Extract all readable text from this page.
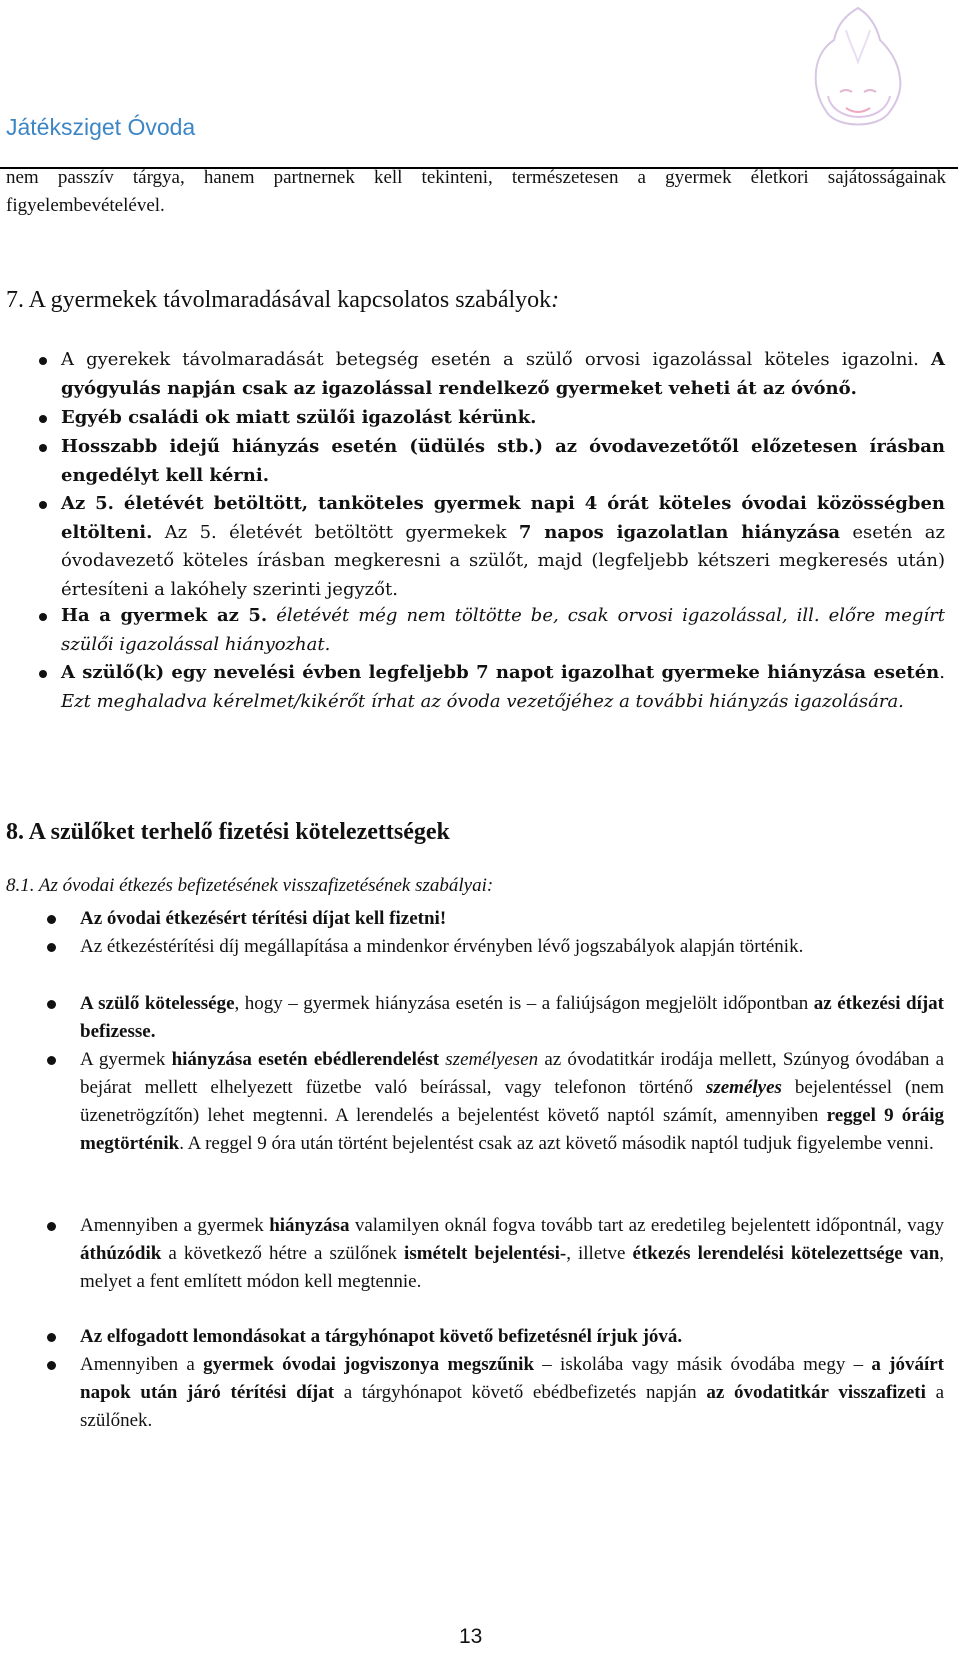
Játéksziget Óvoda
nem passzív tárgya, hanem partnernek kell tekinteni, természetesen a gyermek életkori sajátosságainak figyelembevételével.
7. A gyermekek távolmaradásával kapcsolatos szabályok:
A gyerekek távolmaradását betegség esetén a szülő orvosi igazolással köteles igazolni. A gyógyulás napján csak az igazolással rendelkező gyermeket veheti át az óvónő.
Egyéb családi ok miatt szülői igazolást kérünk.
Hosszabb idejű hiányzás esetén (üdülés stb.) az óvodavezetőtől előzetesen írásban engedélyt kell kérni.
Az 5. életévét betöltött, tanköteles gyermek napi 4 órát köteles óvodai közösségben eltölteni. Az 5. életévét betöltött gyermekek 7 napos igazolatlan hiányzása esetén az óvodavezető köteles írásban megkeresni a szülőt, majd (legfeljebb kétszeri megkeresés után) értesíteni a lakóhely szerinti jegyzőt.
Ha a gyermek az 5. életévét még nem töltötte be, csak orvosi igazolással, ill. előre megírt szülői igazolással hiányozhat.
A szülő(k) egy nevelési évben legfeljebb 7 napot igazolhat gyermeke hiányzása esetén. Ezt meghaladva kérelmet/kikérőt írhat az óvoda vezetőjéhez a további hiányzás igazolására.
8. A szülőket terhelő fizetési kötelezettségek
8.1. Az óvodai étkezés befizetésének visszafizetésének szabályai:
Az óvodai étkezésért térítési díjat kell fizetni!
Az étkezéstérítési díj megállapítása a mindenkor érvényben lévő jogszabályok alapján történik.
A szülő kötelessége, hogy – gyermek hiányzása esetén is – a faliújságon megjelölt időpontban az étkezési díjat befizesse.
A gyermek hiányzása esetén ebédlerendelést személyesen az óvodatitkár irodája mellett, Szúnyog óvodában a bejárat mellett elhelyezett füzetbe való beírással, vagy telefonon történő személyes bejelentéssel (nem üzenetrögzítőn) lehet megtenni. A lerendelés a bejelentést követő naptól számít, amennyiben reggel 9 óráig megtörténik. A reggel 9 óra után történt bejelentést csak az azt követő második naptól tudjuk figyelembe venni.
Amennyiben a gyermek hiányzása valamilyen oknál fogva tovább tart az eredetileg bejelentett időpontnál, vagy áthúzódik a következő hétre a szülőnek ismételt bejelentési-, illetve étkezés lerendelési kötelezettsége van, melyet a fent említett módon kell megtennie.
Az elfogadott lemondásokat a tárgyhónapot követő befizetésnél írjuk jóvá.
Amennyiben a gyermek óvodai jogviszonya megszűnik – iskolába vagy másik óvodába megy – a jóváírt napok után járó térítési díjat a tárgyhónapot követő ebédbefizetés napján az óvodatitkár visszafizeti a szülőnek.
13
